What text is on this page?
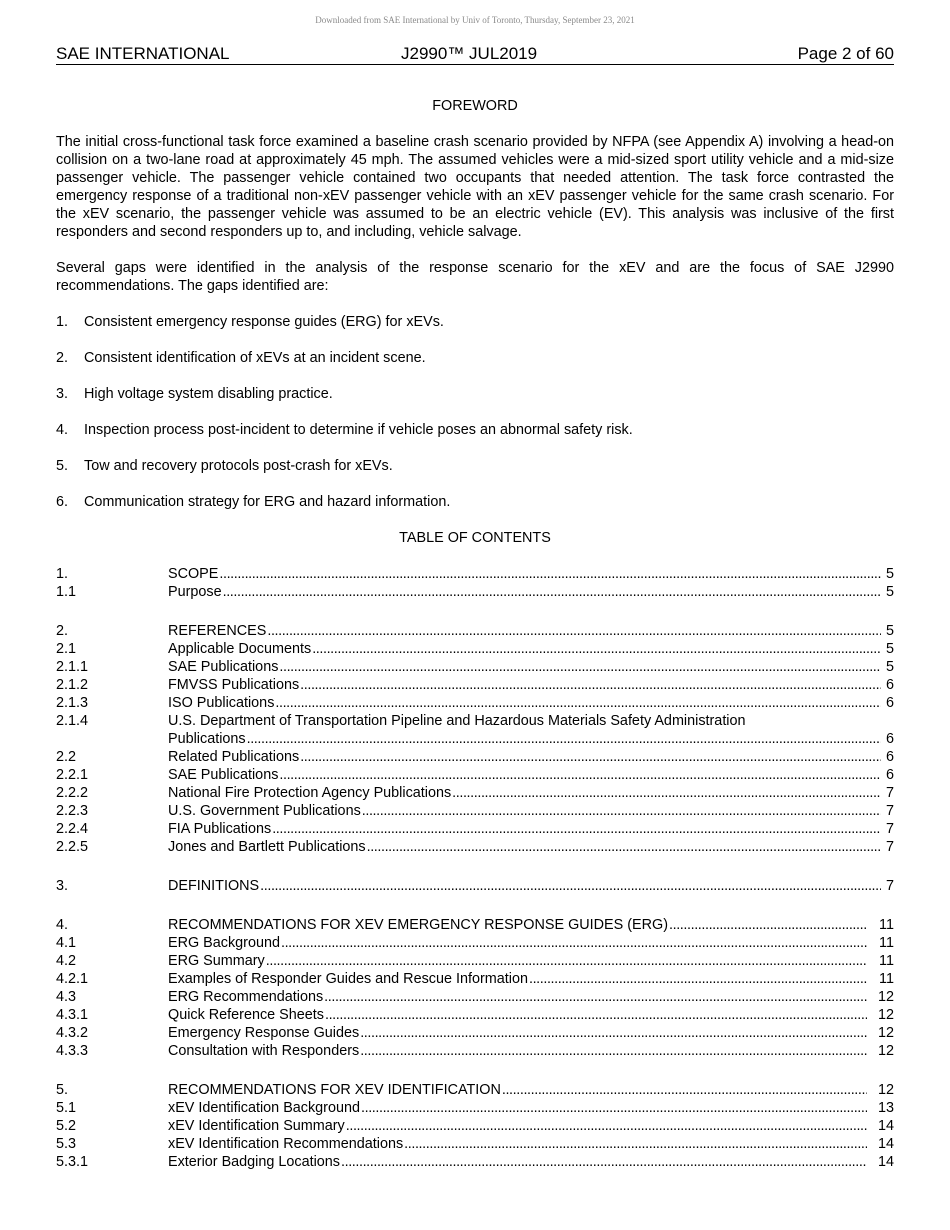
Downloaded from SAE International by Univ of Toronto, Thursday, September 23, 2021
SAE INTERNATIONAL	J2990™ JUL2019	Page 2 of 60

FOREWORD

The initial cross-functional task force examined a baseline crash scenario provided by NFPA (see Appendix A) involving a head-on collision on a two-lane road at approximately 45 mph. The assumed vehicles were a mid-sized sport utility vehicle and a mid-size passenger vehicle. The passenger vehicle contained two occupants that needed attention. The task force contrasted the emergency response of a traditional non-xEV passenger vehicle with an xEV passenger vehicle for the same crash scenario. For the xEV scenario, the passenger vehicle was assumed to be an electric vehicle (EV). This analysis was inclusive of the first responders and second responders up to, and including, vehicle salvage.

Several gaps were identified in the analysis of the response scenario for the xEV and are the focus of SAE J2990 recommendations. The gaps identified are:

1.	Consistent emergency response guides (ERG) for xEVs.
2.	Consistent identification of xEVs at an incident scene.
3.	High voltage system disabling practice.
4.	Inspection process post-incident to determine if vehicle poses an abnormal safety risk.
5.	Tow and recovery protocols post-crash for xEVs.
6.	Communication strategy for ERG and hazard information.

TABLE OF CONTENTS

1.	SCOPE . . .	5
1.1	Purpose . . .	5
2.	REFERENCES . . .	5
2.1	Applicable Documents . . .	5
2.1.1	SAE Publications . . .	5
2.1.2	FMVSS Publications . . .	6
2.1.3	ISO Publications . . .	6
2.1.4	U.S. Department of Transportation Pipeline and Hazardous Materials Safety Administration
Publications . . .	6
2.2	Related Publications . . .	6
2.2.1	SAE Publications . . .	6
2.2.2	National Fire Protection Agency Publications . . .	7
2.2.3	U.S. Government Publications . . .	7
2.2.4	FIA Publications . . .	7
2.2.5	Jones and Bartlett Publications . . .	7
3.	DEFINITIONS . . .	7
4.	RECOMMENDATIONS FOR XEV EMERGENCY RESPONSE GUIDES (ERG) . . .	11
4.1	ERG Background . . .	11
4.2	ERG Summary . . .	11
4.2.1	Examples of Responder Guides and Rescue Information . . .	11
4.3	ERG Recommendations . . .	12
4.3.1	Quick Reference Sheets . . .	12
4.3.2	Emergency Response Guides . . .	12
4.3.3	Consultation with Responders . . .	12
5.	RECOMMENDATIONS FOR XEV IDENTIFICATION . . .	12
5.1	xEV Identification Background . . .	13
5.2	xEV Identification Summary . . .	14
5.3	xEV Identification Recommendations . . .	14
5.3.1	Exterior Badging Locations . . .	14
